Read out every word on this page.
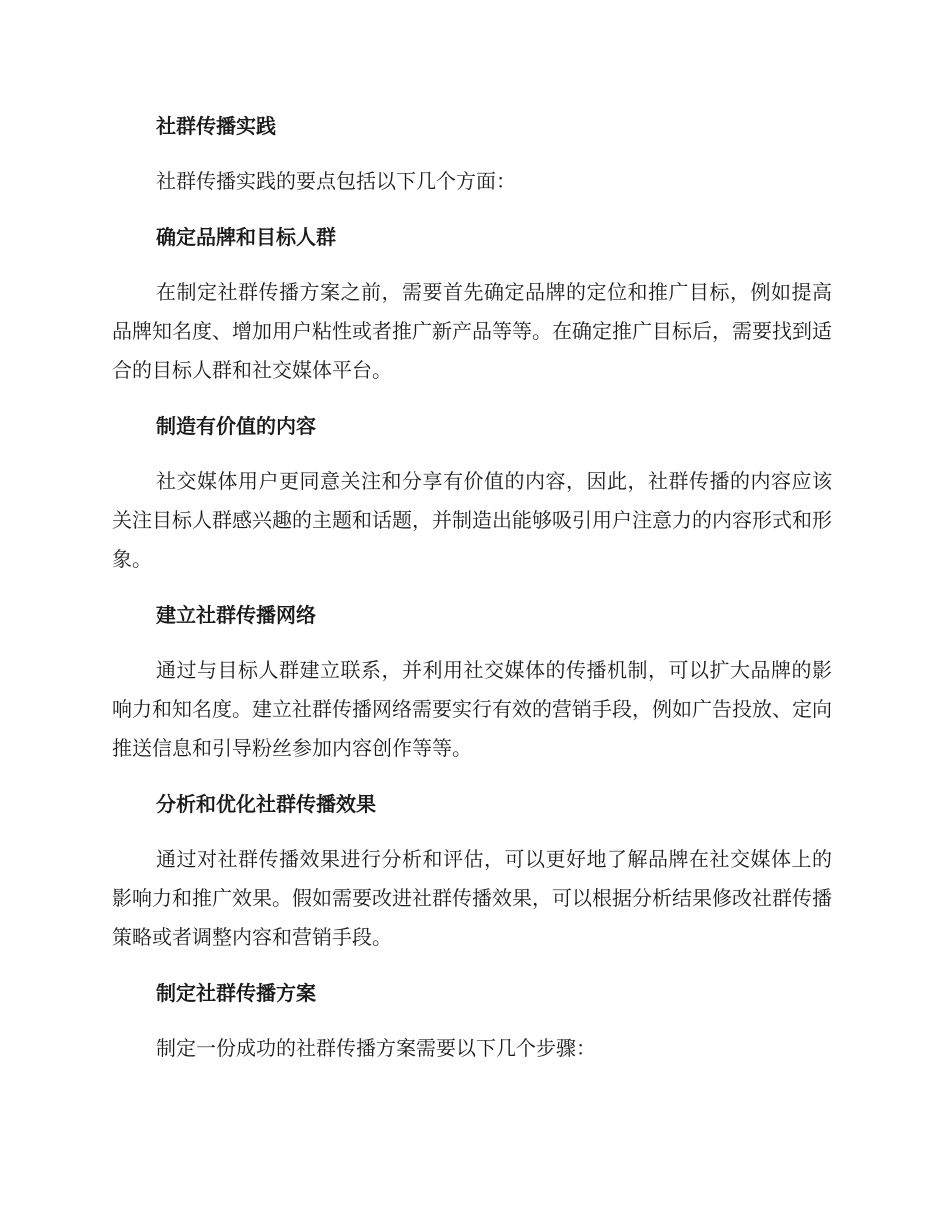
社群传播实践

社群传播实践的要点包括以下几个方面：

确定品牌和目标人群

在制定社群传播方案之前，需要首先确定品牌的定位和推广目标，例如提高品牌知名度、增加用户粘性或者推广新产品等等。在确定推广目标后，需要找到适合的目标人群和社交媒体平台。

制造有价值的内容

社交媒体用户更同意关注和分享有价值的内容，因此，社群传播的内容应该关注目标人群感兴趣的主题和话题，并制造出能够吸引用户注意力的内容形式和形象。

建立社群传播网络

通过与目标人群建立联系，并利用社交媒体的传播机制，可以扩大品牌的影响力和知名度。建立社群传播网络需要实行有效的营销手段，例如广告投放、定向推送信息和引导粉丝参加内容创作等等。

分析和优化社群传播效果

通过对社群传播效果进行分析和评估，可以更好地了解品牌在社交媒体上的影响力和推广效果。假如需要改进社群传播效果，可以根据分析结果修改社群传播策略或者调整内容和营销手段。

制定社群传播方案

制定一份成功的社群传播方案需要以下几个步骤：
